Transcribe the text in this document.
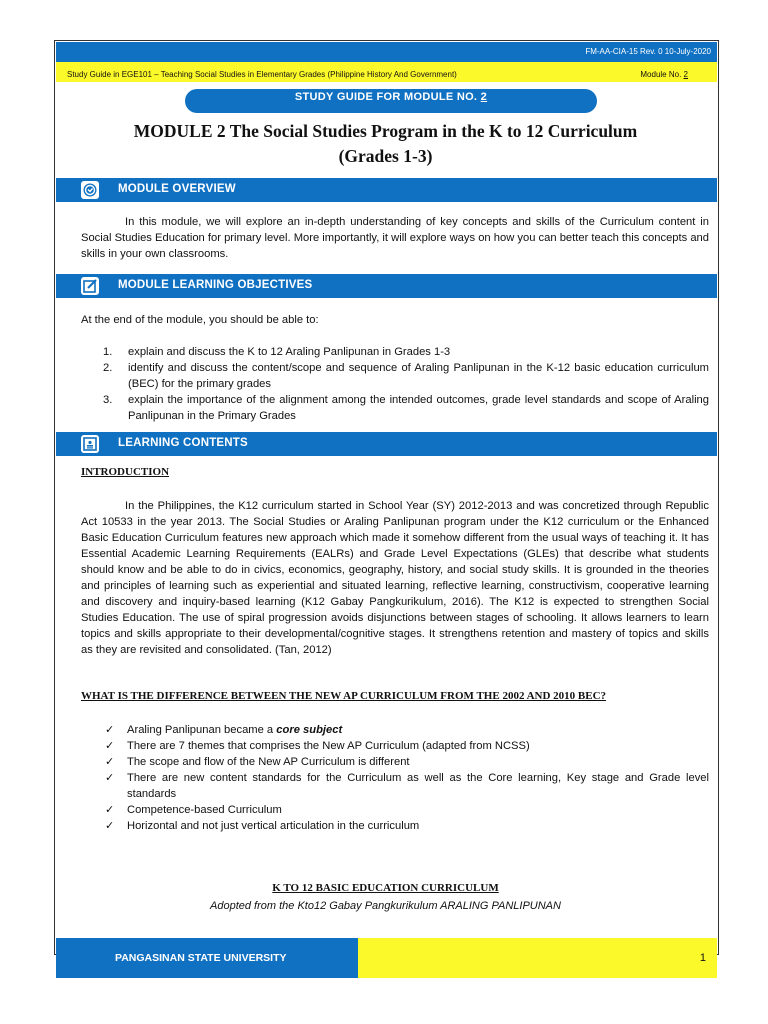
FM-AA-CIA-15 Rev. 0 10-July-2020
Study Guide in EGE101 – Teaching Social Studies in Elementary Grades (Philippine History And Government)	Module No. 2
STUDY GUIDE FOR MODULE NO. 2
MODULE 2 The Social Studies Program in the K to 12 Curriculum
(Grades 1-3)
MODULE OVERVIEW
In this module, we will explore an in-depth understanding of key concepts and skills of the Curriculum content in Social Studies Education for primary level. More importantly, it will explore ways on how you can better teach this concepts and skills in your own classrooms.
MODULE LEARNING OBJECTIVES
At the end of the module, you should be able to:
1.	explain and discuss the K to 12 Araling Panlipunan in Grades 1-3
2.	identify and discuss the content/scope and sequence of Araling Panlipunan in the K-12 basic education curriculum (BEC) for the primary grades
3.	explain the importance of the alignment among the intended outcomes, grade level standards and scope of Araling Panlipunan in the Primary Grades
LEARNING CONTENTS
INTRODUCTION
In the Philippines, the K12 curriculum started in School Year (SY) 2012-2013 and was concretized through Republic Act 10533 in the year 2013. The Social Studies or Araling Panlipunan program under the K12 curriculum or the Enhanced Basic Education Curriculum features new approach which made it somehow different from the usual ways of teaching it. It has Essential Academic Learning Requirements (EALRs) and Grade Level Expectations (GLEs) that describe what students should know and be able to do in civics, economics, geography, history, and social study skills. It is grounded in the theories and principles of learning such as experiential and situated learning, reflective learning, constructivism, cooperative learning and discovery and inquiry-based learning (K12 Gabay Pangkurikulum, 2016). The K12 is expected to strengthen Social Studies Education. The use of spiral progression avoids disjunctions between stages of schooling. It allows learners to learn topics and skills appropriate to their developmental/cognitive stages. It strengthens retention and mastery of topics and skills as they are revisited and consolidated. (Tan, 2012)
WHAT IS THE DIFFERENCE BETWEEN THE NEW AP CURRICULUM FROM THE 2002 AND 2010 BEC?
✓	Araling Panlipunan became a core subject
✓	There are 7 themes that comprises the New AP Curriculum (adapted from NCSS)
✓	The scope and flow of the New AP Curriculum is different
✓	There are new content standards for the Curriculum as well as the Core learning, Key stage and Grade level standards
✓	Competence-based Curriculum
✓	Horizontal and not just vertical articulation in the curriculum
K TO 12 BASIC EDUCATION CURRICULUM
Adopted from the Kto12 Gabay Pangkurikulum ARALING PANLIPUNAN
PANGASINAN STATE UNIVERSITY	1
